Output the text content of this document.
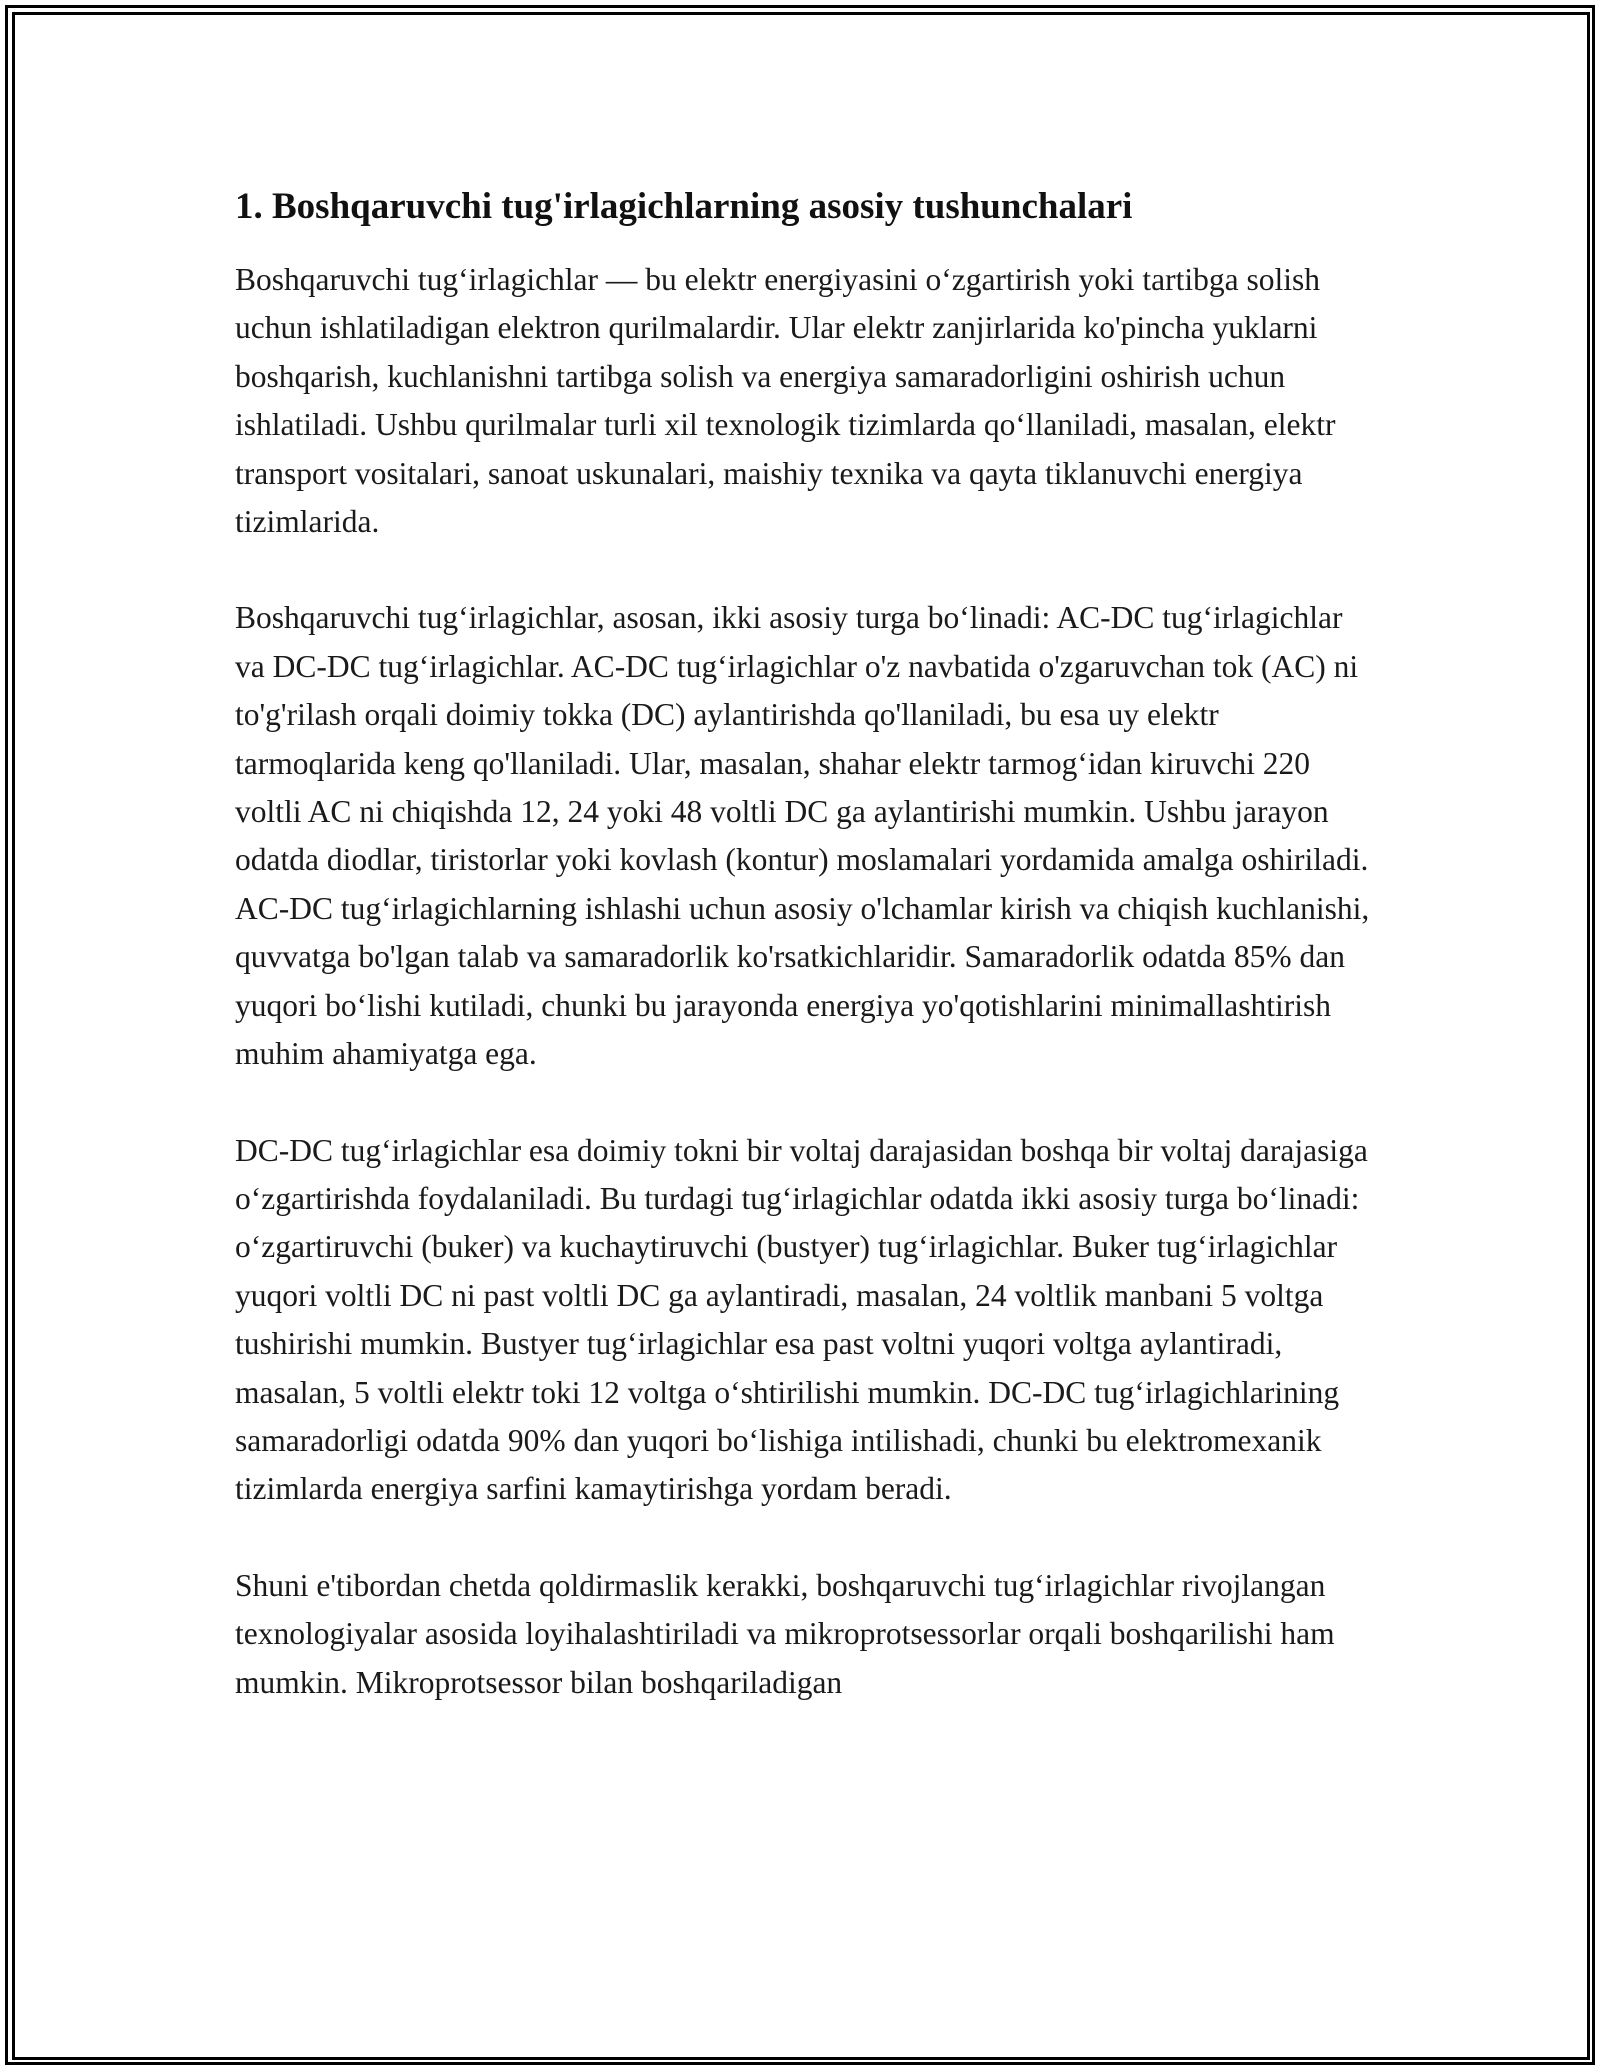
1. Boshqaruvchi tug'irlagichlarning asosiy tushunchalari

Boshqaruvchi tug‘irlagichlar — bu elektr energiyasini o‘zgartirish yoki tartibga solish uchun ishlatiladigan elektron qurilmalardir. Ular elektr zanjirlarida ko'pincha yuklarni boshqarish, kuchlanishni tartibga solish va energiya samaradorligini oshirish uchun ishlatiladi. Ushbu qurilmalar turli xil texnologik tizimlarda qo‘llaniladi, masalan, elektr transport vositalari, sanoat uskunalari, maishiy texnika va qayta tiklanuvchi energiya tizimlarida.

Boshqaruvchi tug‘irlagichlar, asosan, ikki asosiy turga bo‘linadi: AC-DC tug‘irlagichlar va DC-DC tug‘irlagichlar. AC-DC tug‘irlagichlar o'z navbatida o'zgaruvchan tok (AC) ni to'g'rilash orqali doimiy tokka (DC) aylantirishda qo'llaniladi, bu esa uy elektr tarmoqlarida keng qo'llaniladi. Ular, masalan, shahar elektr tarmog‘idan kiruvchi 220 voltli AC ni chiqishda 12, 24 yoki 48 voltli DC ga aylantirishi mumkin. Ushbu jarayon odatda diodlar, tiristorlar yoki kovlash (kontur) moslamalari yordamida amalga oshiriladi. AC-DC tug‘irlagichlarning ishlashi uchun asosiy o'lchamlar kirish va chiqish kuchlanishi, quvvatga bo'lgan talab va samaradorlik ko'rsatkichlaridir. Samaradorlik odatda 85% dan yuqori bo‘lishi kutiladi, chunki bu jarayonda energiya yo'qotishlarini minimallashtirish muhim ahamiyatga ega.

DC-DC tug‘irlagichlar esa doimiy tokni bir voltaj darajasidan boshqa bir voltaj darajasiga o‘zgartirishda foydalaniladi. Bu turdagi tug‘irlagichlar odatda ikki asosiy turga bo‘linadi: o‘zgartiruvchi (buker) va kuchaytiruvchi (bustyer) tug‘irlagichlar. Buker tug‘irlagichlar yuqori voltli DC ni past voltli DC ga aylantiradi, masalan, 24 voltlik manbani 5 voltga tushirishi mumkin. Bustyer tug‘irlagichlar esa past voltni yuqori voltga aylantiradi, masalan, 5 voltli elektr toki 12 voltga o‘shtirilishi mumkin. DC-DC tug‘irlagichlarining samaradorligi odatda 90% dan yuqori bo‘lishiga intilishadi, chunki bu elektromexanik tizimlarda energiya sarfini kamaytirishga yordam beradi.

Shuni e'tibordan chetda qoldirmaslik kerakki, boshqaruvchi tug‘irlagichlar rivojlangan texnologiyalar asosida loyihalashtiriladi va mikroprotsessorlar orqali boshqarilishi ham mumkin. Mikroprotsessor bilan boshqariladigan
